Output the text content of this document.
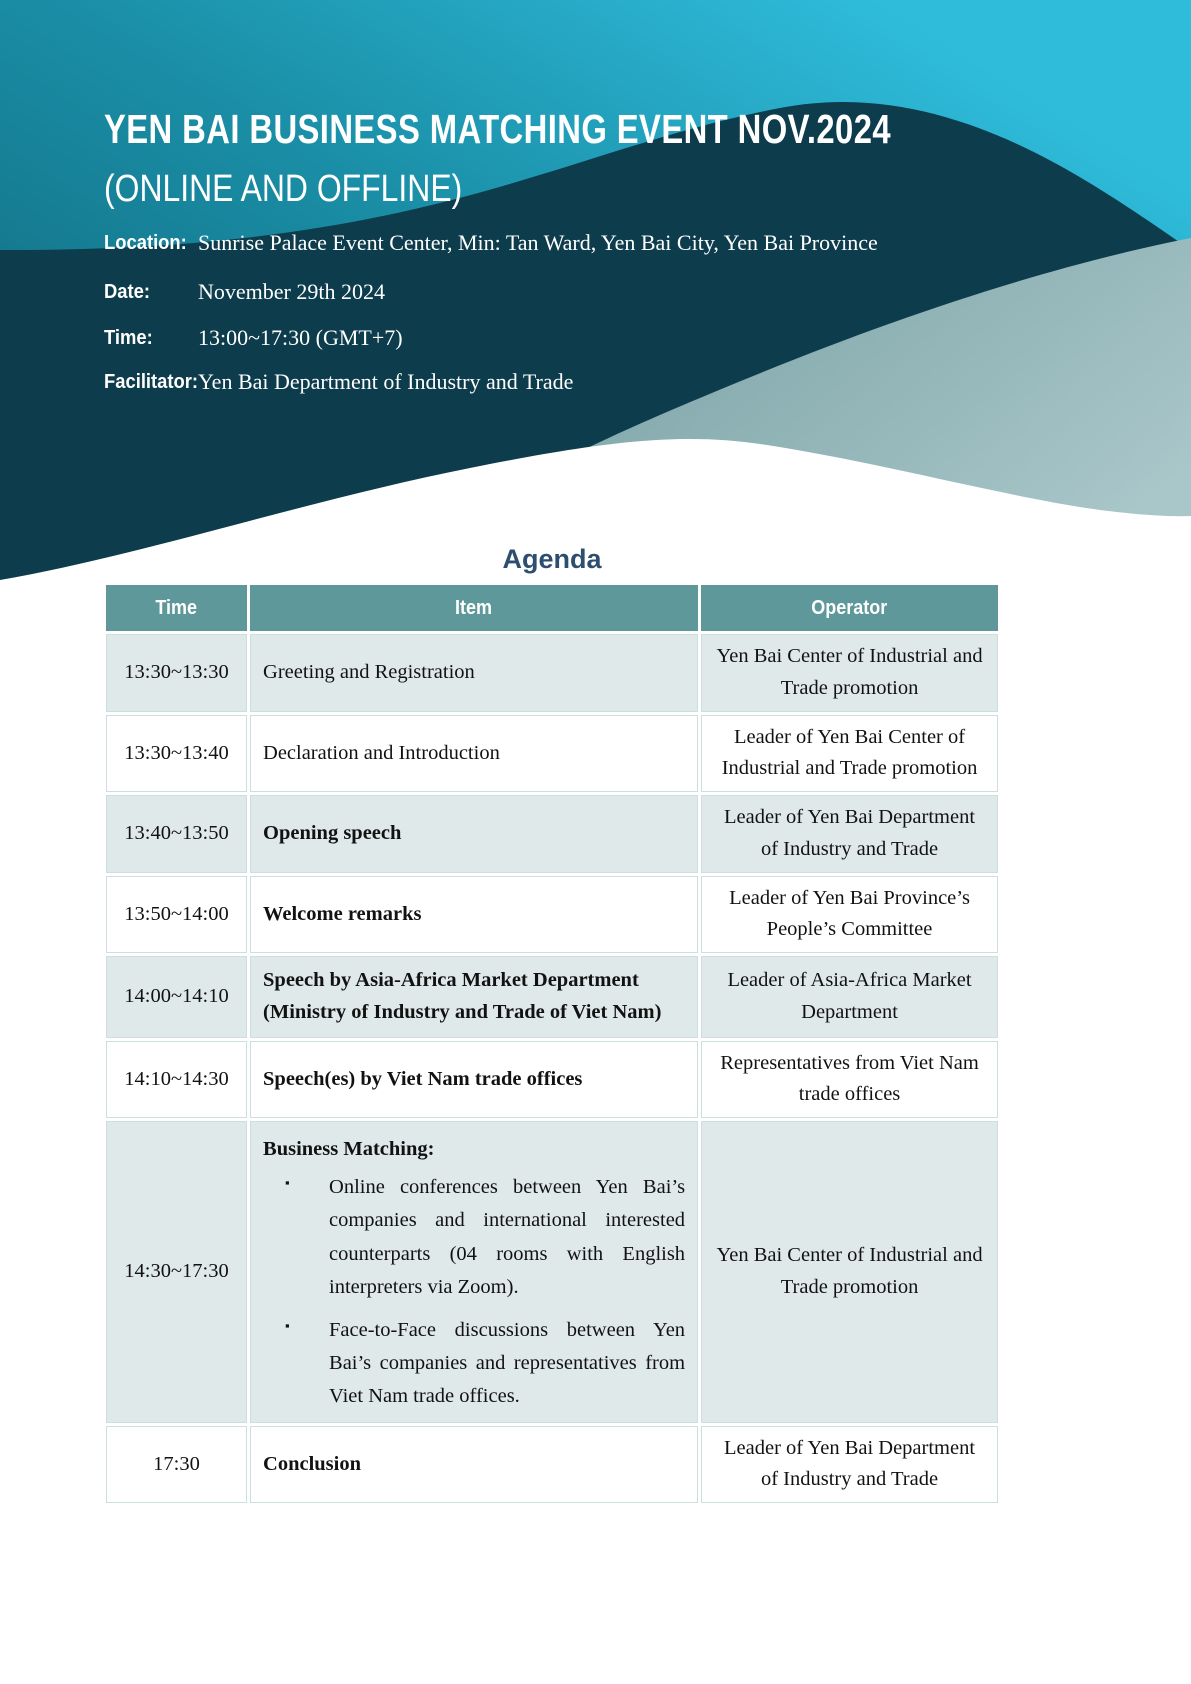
YEN BAI BUSINESS MATCHING EVENT NOV.2024
(ONLINE AND OFFLINE)
Location: Sunrise Palace Event Center, Min: Tan Ward, Yen Bai City, Yen Bai Province
Date: November 29th 2024
Time: 13:00~17:30 (GMT+7)
Facilitator: Yen Bai Department of Industry and Trade
Agenda
Time	Item	Operator
13:30~13:30	Greeting and Registration	Yen Bai Center of Industrial and Trade promotion
13:30~13:40	Declaration and Introduction	Leader of Yen Bai Center of Industrial and Trade promotion
13:40~13:50	Opening speech	Leader of Yen Bai Department of Industry and Trade
13:50~14:00	Welcome remarks	Leader of Yen Bai Province’s People’s Committee
14:00~14:10	Speech by Asia-Africa Market Department (Ministry of Industry and Trade of Viet Nam)	Leader of Asia-Africa Market Department
14:10~14:30	Speech(es) by Viet Nam trade offices	Representatives from Viet Nam trade offices
14:30~17:30	Business Matching:
▪ Online conferences between Yen Bai’s companies and international interested counterparts (04 rooms with English interpreters via Zoom).
▪ Face-to-Face discussions between Yen Bai’s companies and representatives from Viet Nam trade offices.	Yen Bai Center of Industrial and Trade promotion
17:30	Conclusion	Leader of Yen Bai Department of Industry and Trade
